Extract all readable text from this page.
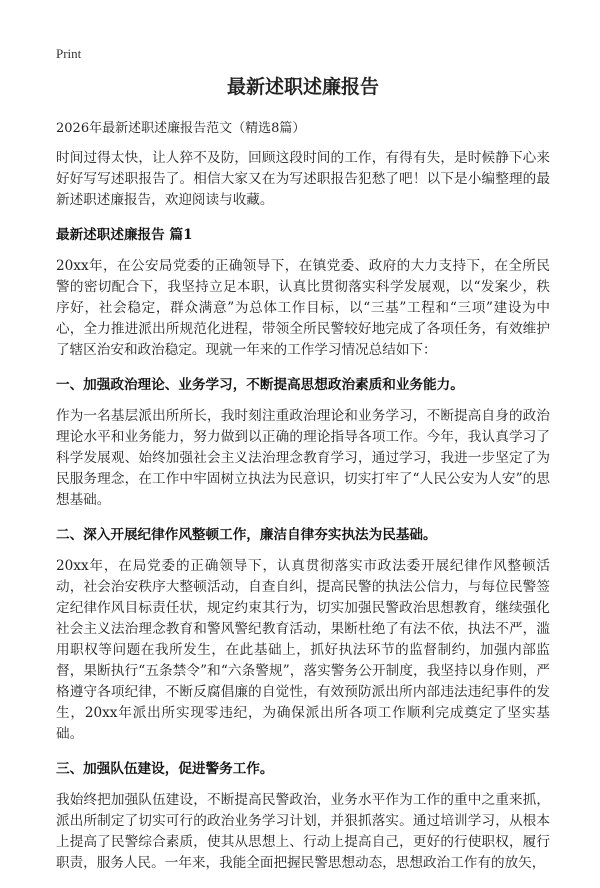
Print
最新述职述廉报告
2026年最新述职述廉报告范文（精选8篇）

时间过得太快，让人猝不及防，回顾这段时间的工作，有得有失，是时候静下心来好好写写述职报告了。相信大家又在为写述职报告犯愁了吧！以下是小编整理的最新述职述廉报告，欢迎阅读与收藏。

最新述职述廉报告 篇1

20xx年，在公安局党委的正确领导下，在镇党委、政府的大力支持下，在全所民警的密切配合下，我坚持立足本职，认真比贯彻落实科学发展观，以“发案少，秩序好，社会稳定，群众满意”为总体工作目标，以“三基”工程和“三项”建设为中心，全力推进派出所规范化进程，带领全所民警较好地完成了各项任务，有效维护了辖区治安和政治稳定。现就一年来的工作学习情况总结如下：

一、加强政治理论、业务学习，不断提高思想政治素质和业务能力。

作为一名基层派出所所长，我时刻注重政治理论和业务学习，不断提高自身的政治理论水平和业务能力，努力做到以正确的理论指导各项工作。今年，我认真学习了科学发展观、始终加强社会主义法治理念教育学习，通过学习，我进一步坚定了为民服务理念，在工作中牢固树立执法为民意识，切实打牢了“人民公安为人安”的思想基础。

二、深入开展纪律作风整顿工作，廉洁自律夯实执法为民基础。

20xx年，在局党委的正确领导下，认真贯彻落实市政法委开展纪律作风整顿活动，社会治安秩序大整顿活动，自查自纠，提高民警的执法公信力，与每位民警签定纪律作风目标责任状，规定约束其行为，切实加强民警政治思想教育，继续强化社会主义法治理念教育和警风警纪教育活动，果断杜绝了有法不依，执法不严，滥用职权等问题在我所发生，在此基础上，抓好执法环节的监督制约，加强内部监督，果断执行“五条禁令”和“六条警规”，落实警务公开制度，我坚持以身作则，严格遵守各项纪律，不断反腐倡廉的自觉性，有效预防派出所内部违法违纪事件的发生，20xx年派出所实现零违纪，为确保派出所各项工作顺利完成奠定了坚实基础。

三、加强队伍建设，促进警务工作。

我始终把加强队伍建设，不断提高民警政治，业务水平作为工作的重中之重来抓，派出所制定了切实可行的政治业务学习计划，并狠抓落实。通过培训学习，从根本上提高了民警综合素质，使其从思想上、行动上提高自己，更好的行使职权，履行职责，服务人民。一年来，我能全面把握民警思想动态，思想政治工作有的放矢，
